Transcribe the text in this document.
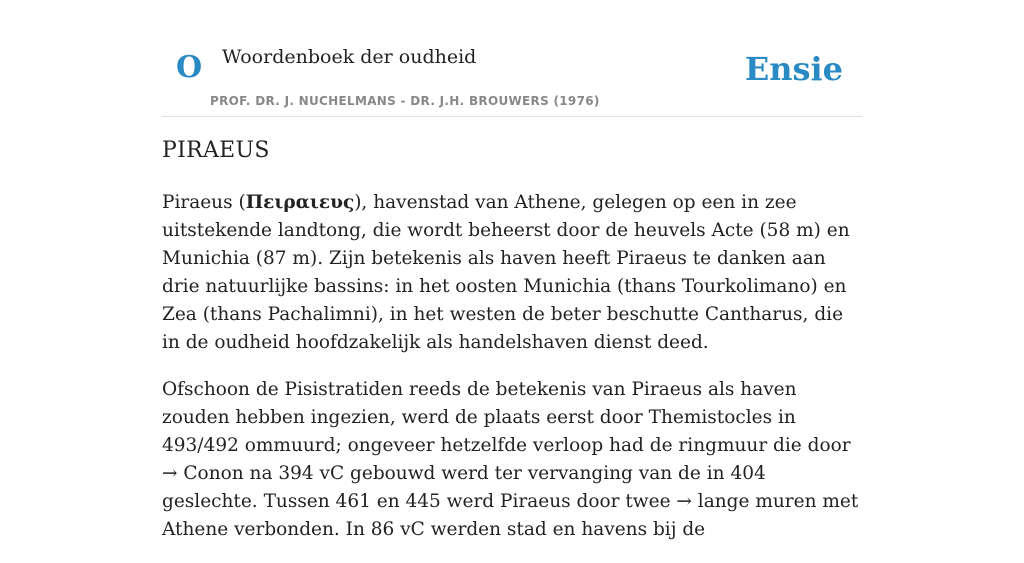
O Woordenboek der oudheid
PROF. DR. J. NUCHELMANS - DR. J.H. BROUWERS (1976)
Ensie
PIRAEUS

Piraeus (Πειραιευς), havenstad van Athene, gelegen op een in zee uitstekende landtong, die wordt beheerst door de heuvels Acte (58 m) en Munichia (87 m). Zijn betekenis als haven heeft Piraeus te danken aan drie natuurlijke bassins: in het oosten Munichia (thans Tourkolimano) en Zea (thans Pachalimni), in het westen de beter beschutte Cantharus, die in de oudheid hoofdzakelijk als handelshaven dienst deed.

Ofschoon de Pisistratiden reeds de betekenis van Piraeus als haven zouden hebben ingezien, werd de plaats eerst door Themistocles in 493/492 ommuurd; ongeveer hetzelfde verloop had de ringmuur die door → Conon na 394 vC gebouwd werd ter vervanging van de in 404 geslechte. Tussen 461 en 445 werd Piraeus door twee → lange muren met Athene verbonden. In 86 vC werden stad en havens bij de
